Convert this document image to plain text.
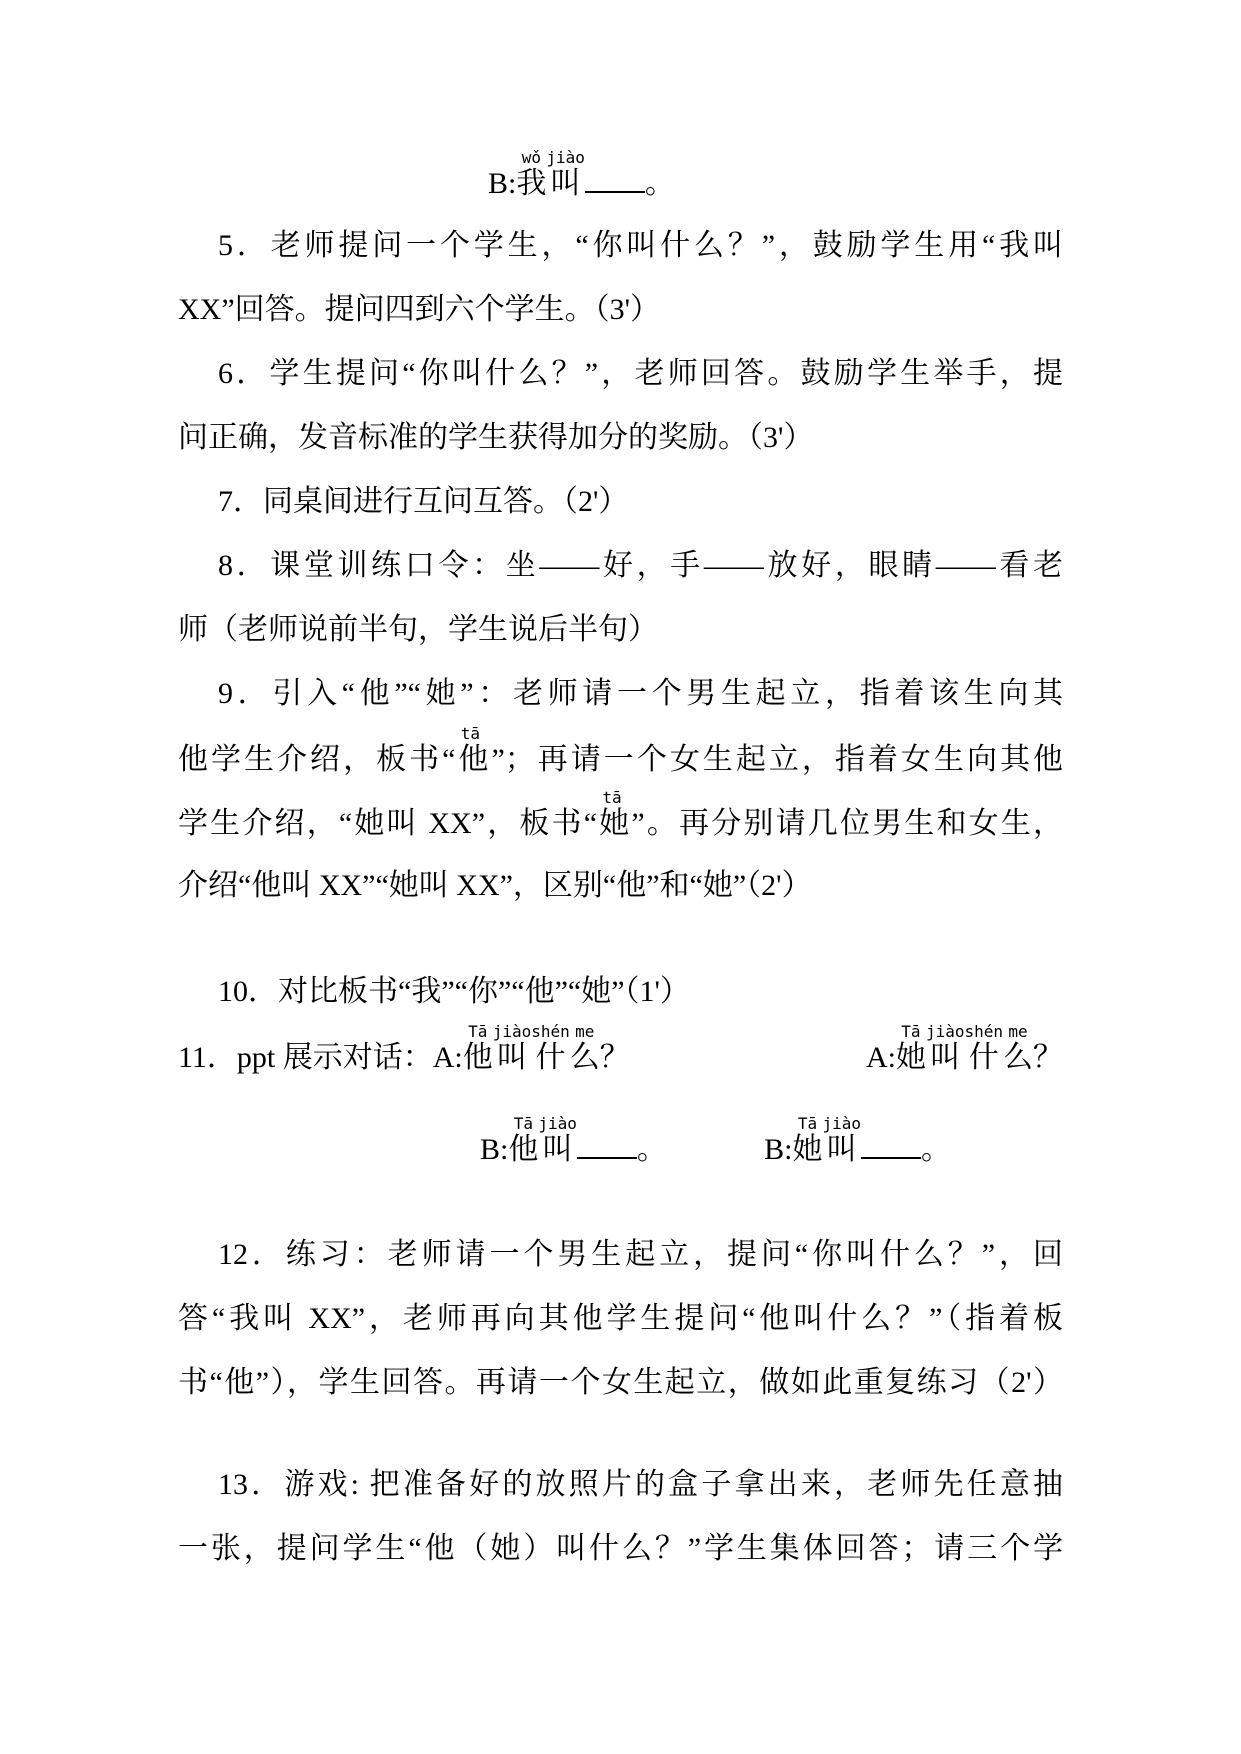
B:我wǒ叫jiào。
5．老师提问一个学生，“你叫什么？”，鼓励学生用“我叫
XX”回答。提问四到六个学生。（3'）
6．学生提问“你叫什么？”，老师回答。鼓励学生举手，提
问正确，发音标准的学生获得加分的奖励。（3'）
7．同桌间进行互问互答。（2'）
8．课堂训练口令：坐——好，手——放好，眼睛——看老
师（老师说前半句，学生说后半句）
9．引入“他”“她”：老师请一个男生起立，指着该生向其
他学生介绍，板书“他tā”；再请一个女生起立，指着女生向其他
学生介绍，“她叫 XX”，板书“她tā”。再分别请几位男生和女生，
介绍“他叫 XX”“她叫 XX”，区别“他”和“她”（2'）
10．对比板书“我”“你”“他”“她”（1'）
11．ppt 展示对话：A:他Tā叫jiào 什shén么me？	A:她Tā叫jiào 什shén么me？
B:他Tā叫jiào。	B:她Tā叫jiào。
12．练习：老师请一个男生起立，提问“你叫什么？”，回
答“我叫 XX”，老师再向其他学生提问“他叫什么？”（指着板
书“他”），学生回答。再请一个女生起立，做如此重复练习（2'）
13．游戏: 把准备好的放照片的盒子拿出来，老师先任意抽
一张，提问学生“他（她）叫什么？”学生集体回答；请三个学
